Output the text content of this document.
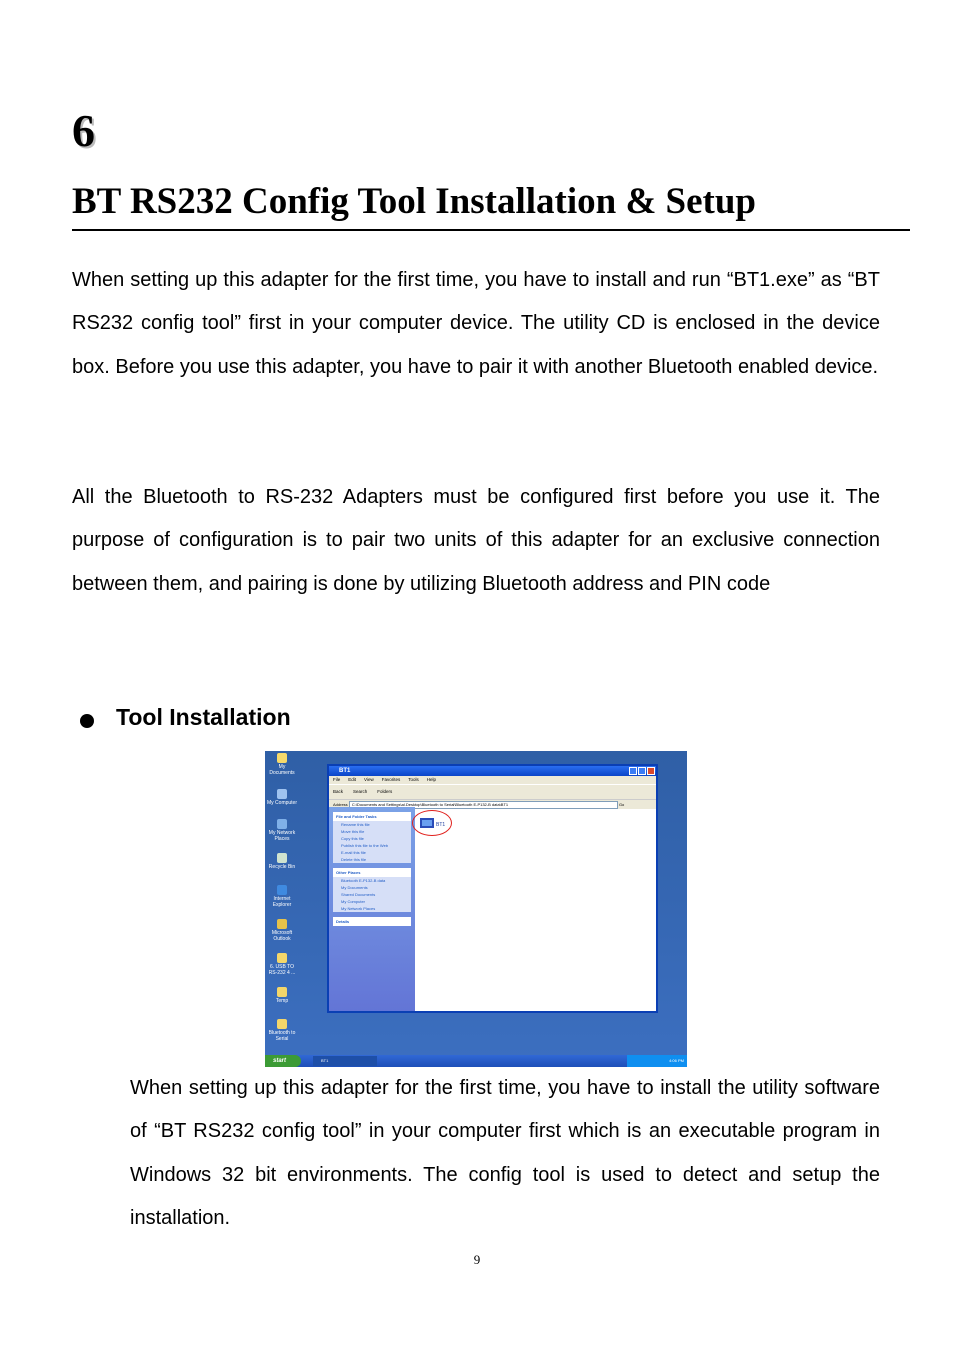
6
BT RS232 Config Tool Installation & Setup
When setting up this adapter for the first time, you have to install and run “BT1.exe” as “BT RS232 config tool” first in your computer device. The utility CD is enclosed in the device box. Before you use this adapter, you have to pair it with another Bluetooth enabled device.
All the Bluetooth to RS-232 Adapters must be configured first before you use it. The purpose of configuration is to pair two units of this adapter for an exclusive connection between them, and pairing is done by utilizing Bluetooth address and PIN code
Tool Installation
My Documents
My Computer
My Network Places
Recycle Bin
Internet Explorer
Microsoft Outlook
6. USB TO RS-232 4 ...
Temp
Bluetooth to Serial
BT1
File Edit View Favorites Tools Help
Back Search Folders
Address C:\Documents and Settings\al.Desktop\Bluetooth to Serial\Bluetooth E-P132-B data\BT1	Go
File and Folder Tasks
Rename this file
Move this file
Copy this file
Publish this file to the Web
E-mail this file
Delete this file
Other Places
Bluetooth E-P132-B data
My Documents
Shared Documents
My Computer
My Network Places
Details
BT1
start	BT1	4:06 PM
When setting up this adapter for the first time, you have to install the utility software of “BT RS232 config tool” in your computer first which is an executable program in Windows 32 bit environments. The config tool is used to detect and setup the installation.
9
